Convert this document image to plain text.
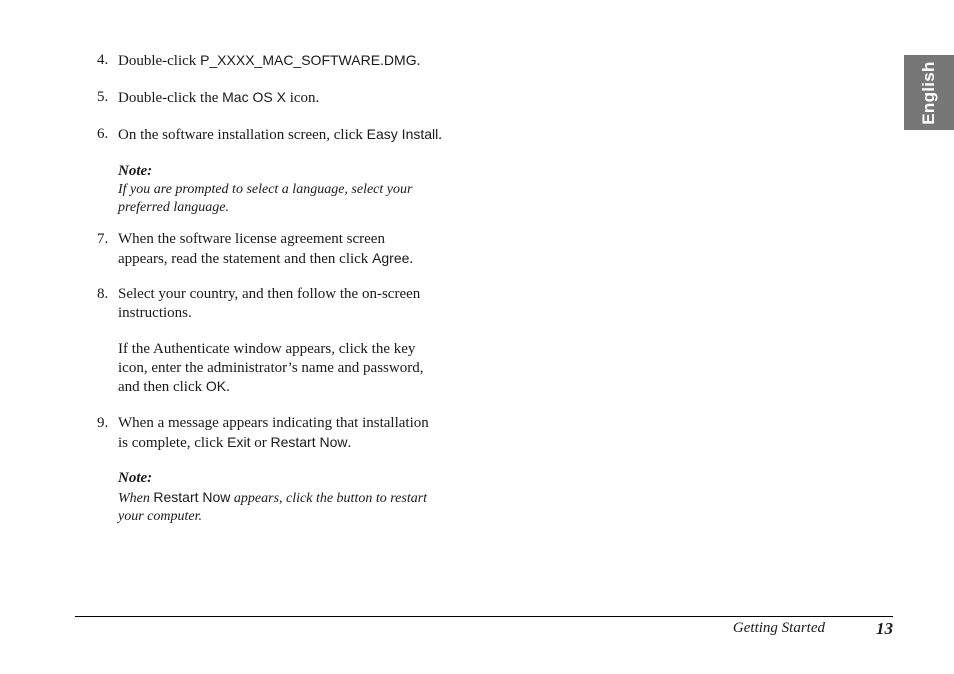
English
4. Double-click P_XXXX_MAC_SOFTWARE.DMG.
5. Double-click the Mac OS X icon.
6. On the software installation screen, click Easy Install.
Note:
If you are prompted to select a language, select your
preferred language.
7. When the software license agreement screen
appears, read the statement and then click Agree.
8. Select your country, and then follow the on-screen
instructions.
If the Authenticate window appears, click the key
icon, enter the administrator’s name and password,
and then click OK.
9. When a message appears indicating that installation
is complete, click Exit or Restart Now.
Note:
When Restart Now appears, click the button to restart
your computer.
Getting Started	13
